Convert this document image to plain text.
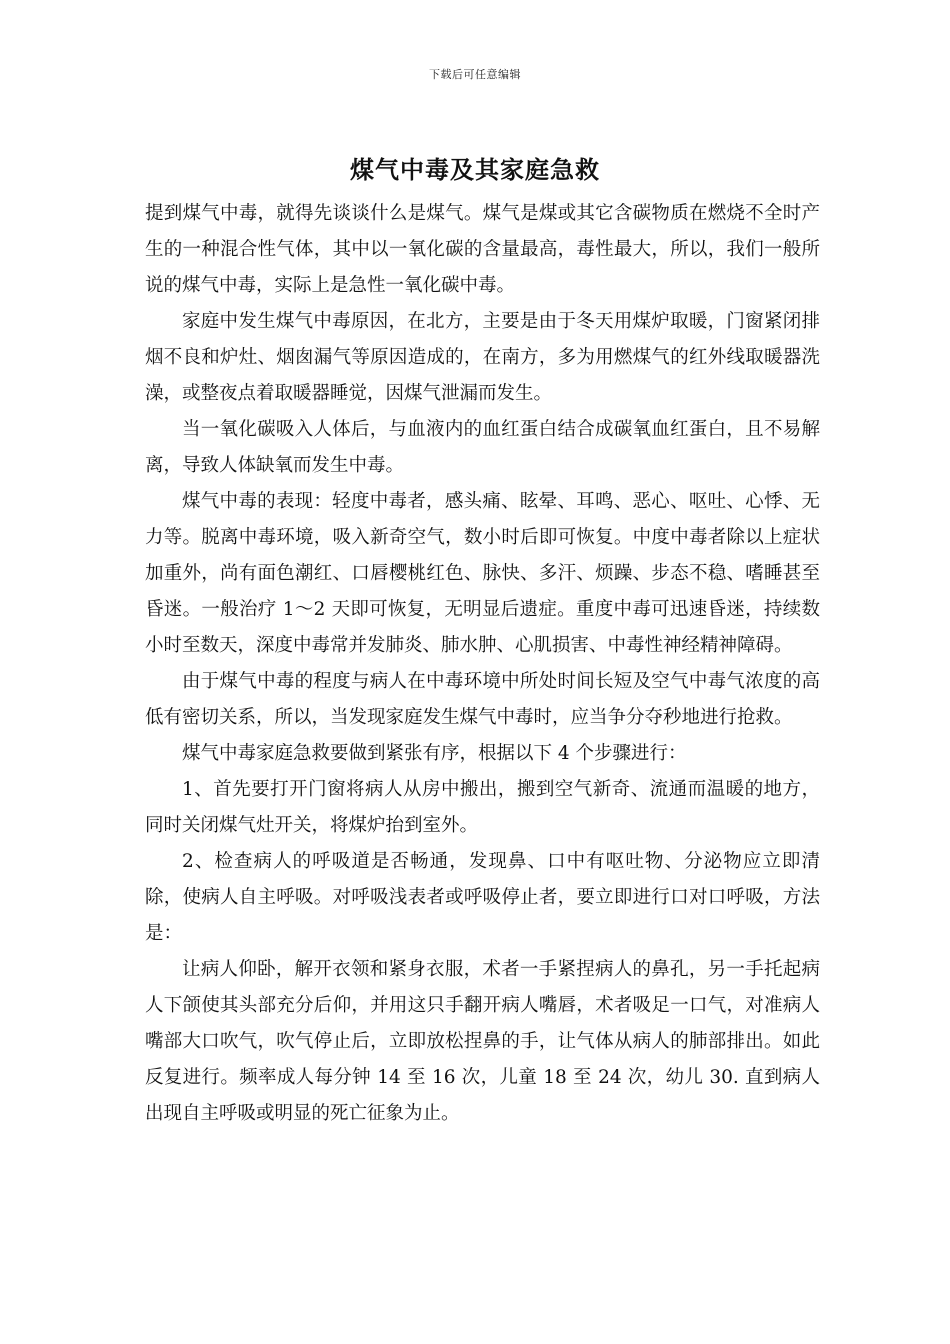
下载后可任意编辑
煤气中毒及其家庭急救

提到煤气中毒，就得先谈谈什么是煤气。煤气是煤或其它含碳物质在燃烧不全时产生的一种混合性气体，其中以一氧化碳的含量最高，毒性最大，所以，我们一般所说的煤气中毒，实际上是急性一氧化碳中毒。

家庭中发生煤气中毒原因，在北方，主要是由于冬天用煤炉取暖，门窗紧闭排烟不良和炉灶、烟囱漏气等原因造成的，在南方，多为用燃煤气的红外线取暖器洗澡，或整夜点着取暖器睡觉，因煤气泄漏而发生。

当一氧化碳吸入人体后，与血液内的血红蛋白结合成碳氧血红蛋白，且不易解离，导致人体缺氧而发生中毒。

煤气中毒的表现：轻度中毒者，感头痛、眩晕、耳鸣、恶心、呕吐、心悸、无力等。脱离中毒环境，吸入新奇空气，数小时后即可恢复。中度中毒者除以上症状加重外，尚有面色潮红、口唇樱桃红色、脉快、多汗、烦躁、步态不稳、嗜睡甚至昏迷。一般治疗 1～2 天即可恢复，无明显后遗症。重度中毒可迅速昏迷，持续数小时至数天，深度中毒常并发肺炎、肺水肿、心肌损害、中毒性神经精神障碍。

由于煤气中毒的程度与病人在中毒环境中所处时间长短及空气中毒气浓度的高低有密切关系，所以，当发现家庭发生煤气中毒时，应当争分夺秒地进行抢救。

煤气中毒家庭急救要做到紧张有序，根据以下 4 个步骤进行：

1、首先要打开门窗将病人从房中搬出，搬到空气新奇、流通而温暖的地方，同时关闭煤气灶开关，将煤炉抬到室外。

2、检查病人的呼吸道是否畅通，发现鼻、口中有呕吐物、分泌物应立即清除，使病人自主呼吸。对呼吸浅表者或呼吸停止者，要立即进行口对口呼吸，方法是：

让病人仰卧，解开衣领和紧身衣服，术者一手紧捏病人的鼻孔，另一手托起病人下颌使其头部充分后仰，并用这只手翻开病人嘴唇，术者吸足一口气，对准病人嘴部大口吹气，吹气停止后，立即放松捏鼻的手，让气体从病人的肺部排出。如此反复进行。频率成人每分钟 14 至 16 次，儿童 18 至 24 次，幼儿 30. 直到病人出现自主呼吸或明显的死亡征象为止。
